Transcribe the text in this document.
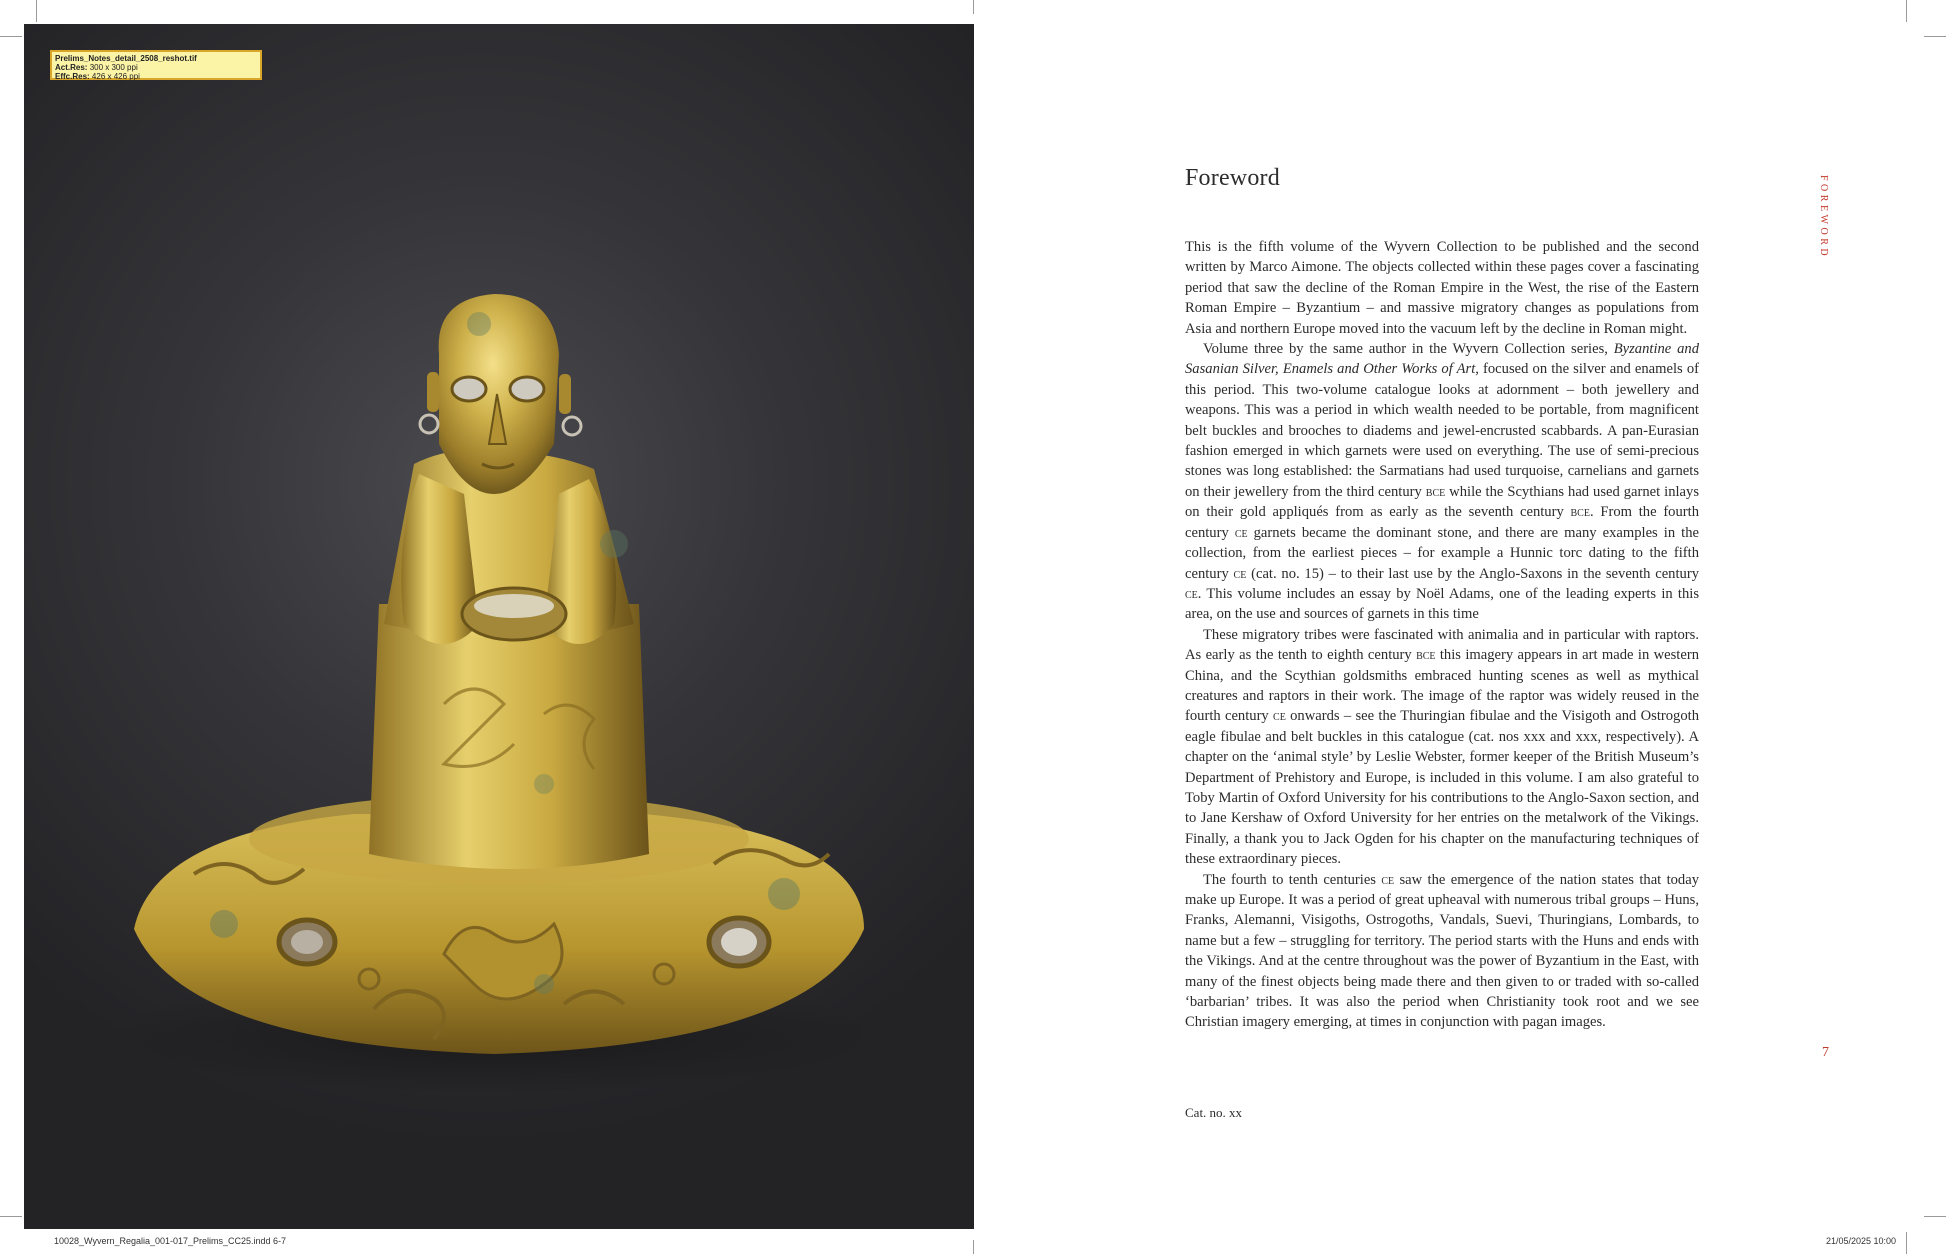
Prelims_Notes_detail_2508_reshot.tif
Act.Res: 300 x 300 ppi
Effc.Res: 426 x 426 ppi
Foreword	FOREWORD

This is the fifth volume of the Wyvern Collection to be published and the second written by Marco Aimone. The objects collected within these pages cover a fascinating period that saw the decline of the Roman Empire in the West, the rise of the Eastern Roman Empire – Byzantium – and massive migratory changes as populations from Asia and northern Europe moved into the vacuum left by the decline in Roman might.

Volume three by the same author in the Wyvern Collection series, Byzantine and Sasanian Silver, Enamels and Other Works of Art, focused on the silver and enamels of this period. This two-volume catalogue looks at adornment – both jewellery and weapons. This was a period in which wealth needed to be portable, from magnificent belt buckles and brooches to diadems and jewel-encrusted scabbards. A pan-Eurasian fashion emerged in which garnets were used on everything. The use of semi-precious stones was long established: the Sarmatians had used turquoise, carnelians and garnets on their jewellery from the third century bce while the Scythians had used garnet inlays on their gold appliqués from as early as the seventh century bce. From the fourth century ce garnets became the dominant stone, and there are many examples in the collection, from the earliest pieces – for example a Hunnic torc dating to the fifth century ce (cat. no. 15) – to their last use by the Anglo-Saxons in the seventh century ce. This volume includes an essay by Noël Adams, one of the leading experts in this area, on the use and sources of garnets in this time

These migratory tribes were fascinated with animalia and in particular with raptors. As early as the tenth to eighth century bce this imagery appears in art made in western China, and the Scythian goldsmiths embraced hunting scenes as well as mythical creatures and raptors in their work. The image of the raptor was widely reused in the fourth century ce onwards – see the Thuringian fibulae and the Visigoth and Ostrogoth eagle fibulae and belt buckles in this catalogue (cat. nos xxx and xxx, respectively). A chapter on the ‘animal style’ by Leslie Webster, former keeper of the British Museum’s Department of Prehistory and Europe, is included in this volume. I am also grateful to Toby Martin of Oxford University for his contributions to the Anglo-Saxon section, and to Jane Kershaw of Oxford University for her entries on the metalwork of the Vikings. Finally, a thank you to Jack Ogden for his chapter on the manufacturing techniques of these extraordinary pieces.

The fourth to tenth centuries ce saw the emergence of the nation states that today make up Europe. It was a period of great upheaval with numerous tribal groups – Huns, Franks, Alemanni, Visigoths, Ostrogoths, Vandals, Suevi, Thuringians, Lombards, to name but a few – struggling for territory. The period starts with the Huns and ends with the Vikings. And at the centre throughout was the power of Byzantium in the East, with many of the finest objects being made there and then given to or traded with so-called ‘barbarian’ tribes. It was also the period when Christianity took root and we see Christian imagery emerging, at times in conjunction with pagan images.

7
Cat. no. xx
10028_Wyvern_Regalia_001-017_Prelims_CC25.indd 6-7	21/05/2025 10:00
